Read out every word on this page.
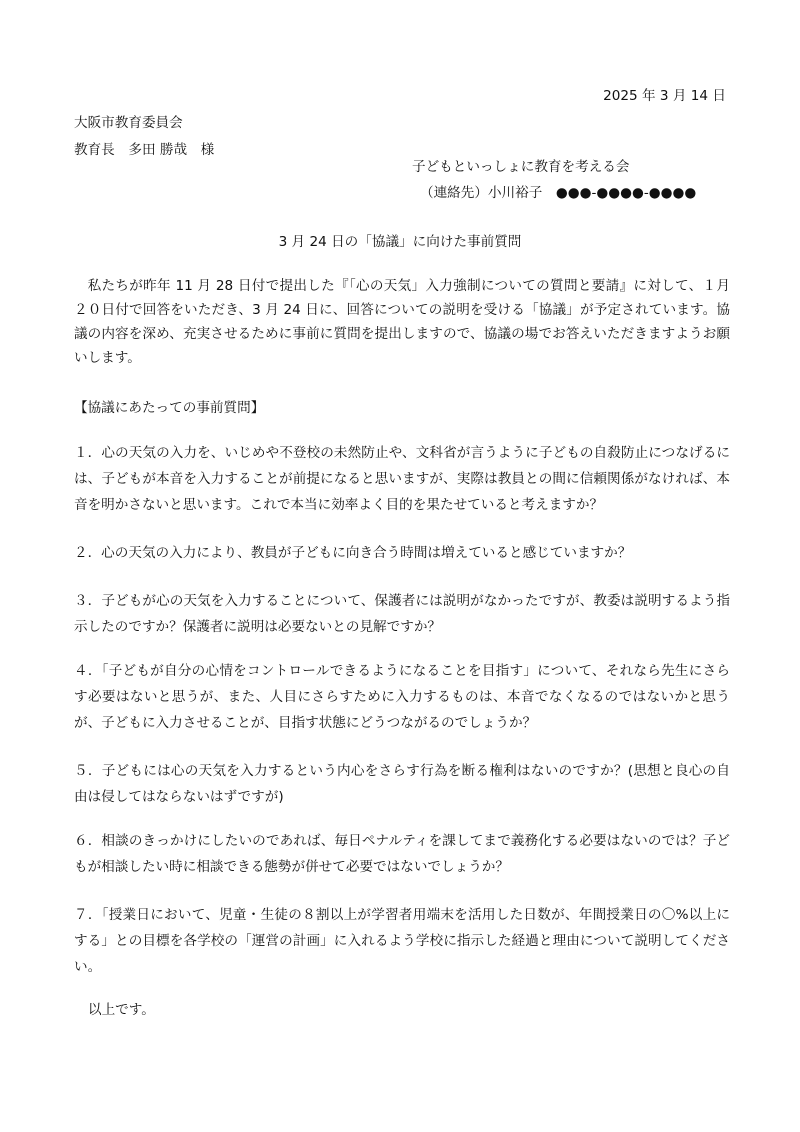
2025 年 3 月 14 日
大阪市教育委員会
教育長　多田 勝哉　様
子どもといっしょに教育を考える会
（連絡先）小川裕子　●●●-●●●●-●●●●
3 月 24 日の「協議」に向けた事前質問

私たちが昨年 11 月 28 日付で提出した『「心の天気」入力強制についての質問と要請』に対して、１月２０日付で回答をいただき、3 月 24 日に、回答についての説明を受ける「協議」が予定されています。協議の内容を深め、充実させるために事前に質問を提出しますので、協議の場でお答えいただきますようお願いします。

【協議にあたっての事前質問】
１．心の天気の入力を、いじめや不登校の未然防止や、文科省が言うように子どもの自殺防止につなげるには、子どもが本音を入力することが前提になると思いますが、実際は教員との間に信頼関係がなければ、本音を明かさないと思います。これで本当に効率よく目的を果たせていると考えますか？
２．心の天気の入力により、教員が子どもに向き合う時間は増えていると感じていますか？
３．子どもが心の天気を入力することについて、保護者には説明がなかったですが、教委は説明するよう指示したのですか？保護者に説明は必要ないとの見解ですか？
４．「子どもが自分の心情をコントロールできるようになることを目指す」について、それなら先生にさらす必要はないと思うが、また、人目にさらすために入力するものは、本音でなくなるのではないかと思うが、子どもに入力させることが、目指す状態にどうつながるのでしょうか？
５．子どもには心の天気を入力するという内心をさらす行為を断る権利はないのですか？(思想と良心の自由は侵してはならないはずですが)
６．相談のきっかけにしたいのであれば、毎日ペナルティを課してまで義務化する必要はないのでは？子どもが相談したい時に相談できる態勢が併せて必要ではないでしょうか？
７．「授業日において、児童・生徒の８割以上が学習者用端末を活用した日数が、年間授業日の〇%以上にする」との目標を各学校の「運営の計画」に入れるよう学校に指示した経過と理由について説明してください。
以上です。
